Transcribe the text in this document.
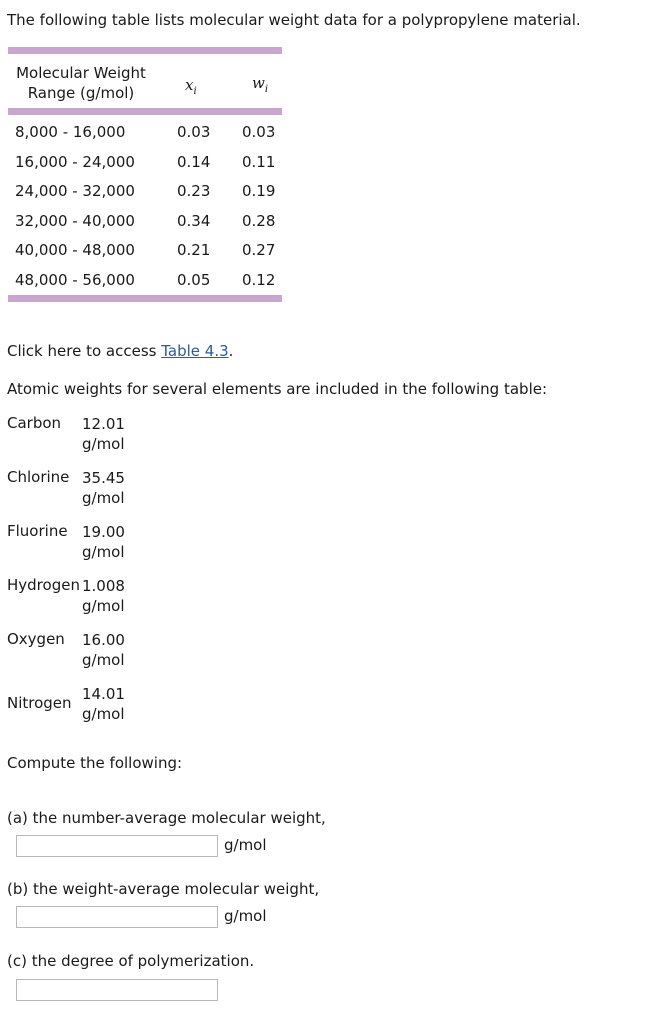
The following table lists molecular weight data for a polypropylene material.
Molecular Weight Range (g/mol)	$x_i$	$w_i$
8,000 - 16,000	0.03 0.03
16,000 - 24,000	0.14 0.11
24,000 - 32,000	0.23 0.19
32,000 - 40,000	0.34 0.28
40,000 - 48,000	0.21 0.27
48,000 - 56,000	0.05 0.12
Click here to access Table 4.3.
Atomic weights for several elements are included in the following table:
Carbon 12.01
g/mol
Chlorine 35.45
g/mol
Fluorine 19.00
g/mol
Hydrogen 1.008
g/mol
Oxygen 16.00
g/mol
Nitrogen 14.01
g/mol
Compute the following:
(a) the number-average molecular weight,
g/mol
(b) the weight-average molecular weight,
g/mol
(c) the degree of polymerization.
